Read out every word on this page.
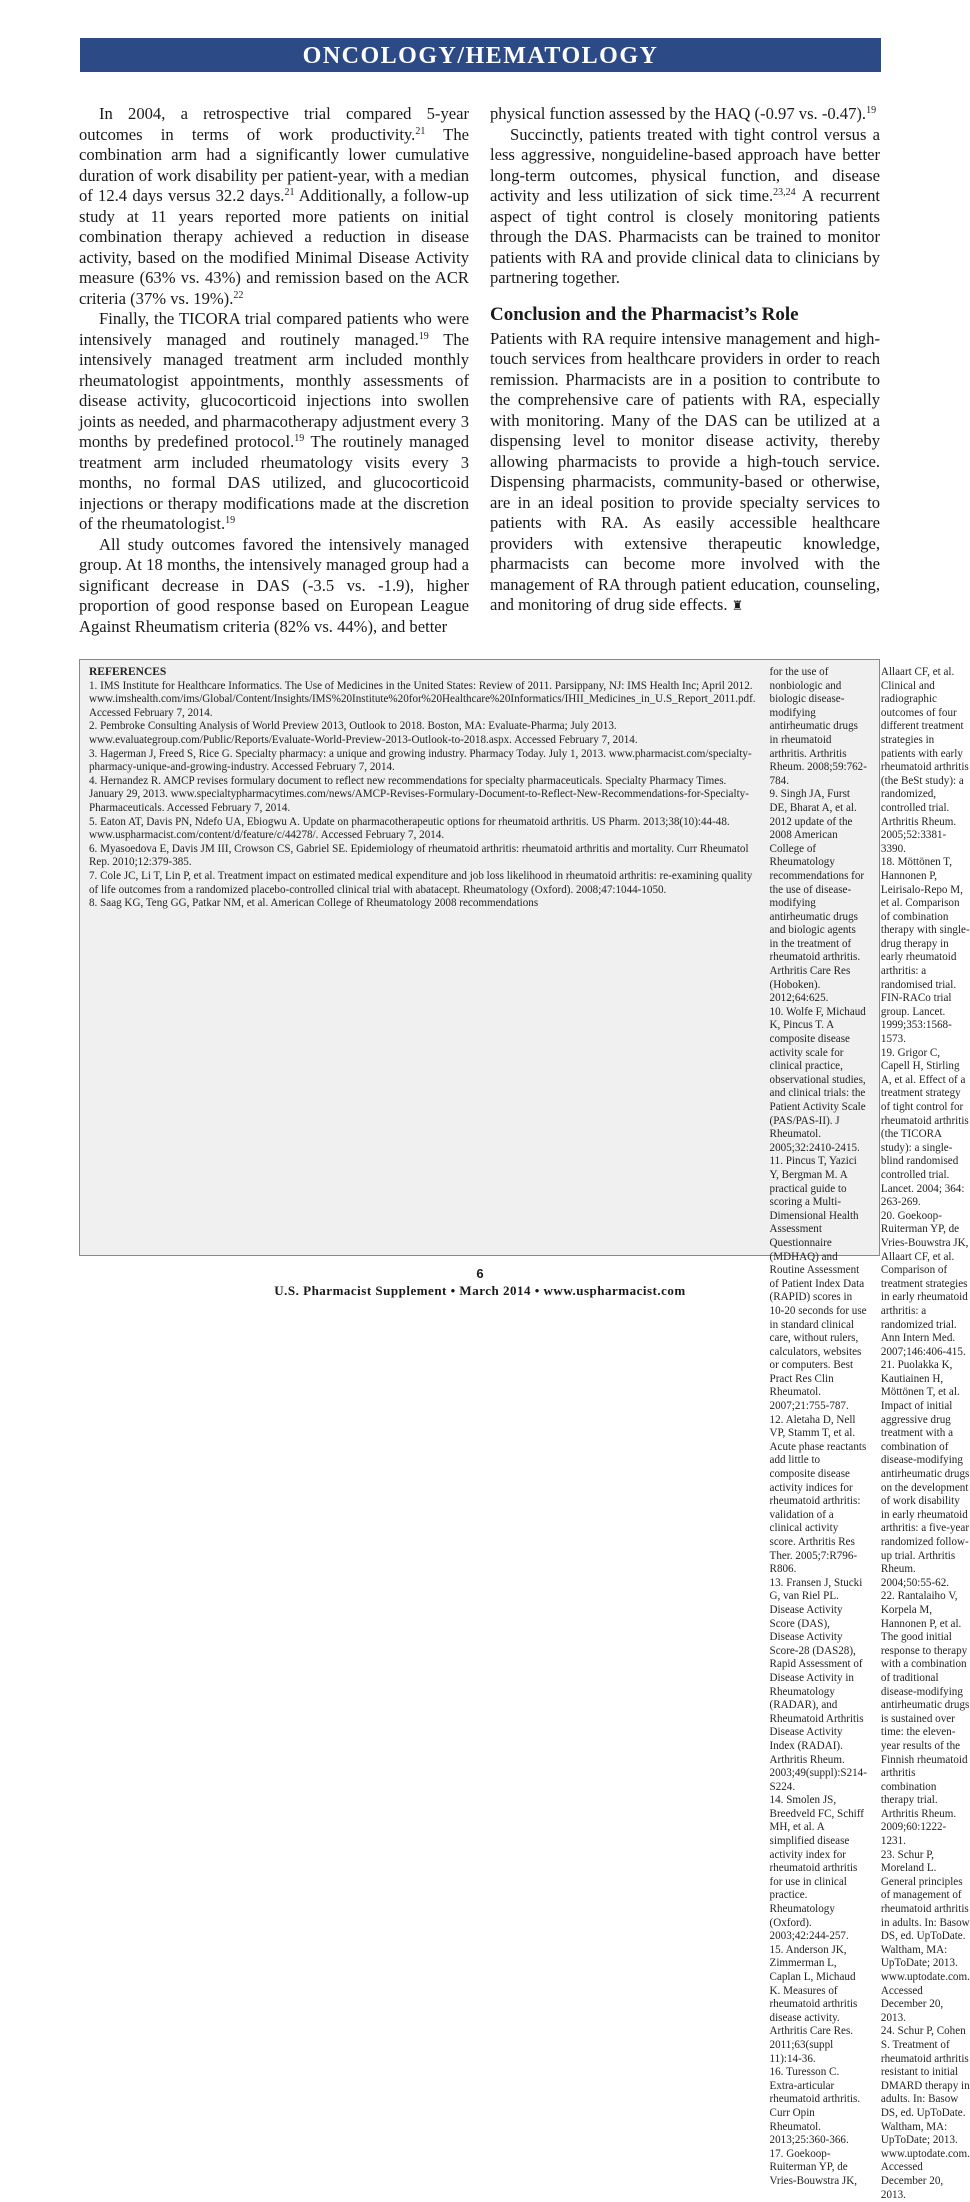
ONCOLOGY/HEMATOLOGY

In 2004, a retrospective trial compared 5-year outcomes in terms of work productivity.$^{21}$ The combination arm had a significantly lower cumulative duration of work disability per patient-year, with a median of 12.4 days versus 32.2 days.$^{21}$ Additionally, a follow-up study at 11 years reported more patients on initial combination therapy achieved a reduction in disease activity, based on the modified Minimal Disease Activity measure (63% vs. 43%) and remission based on the ACR criteria (37% vs. 19%).$^{22}$

Finally, the TICORA trial compared patients who were intensively managed and routinely managed.$^{19}$ The intensively managed treatment arm included monthly rheumatologist appointments, monthly assessments of disease activity, glucocorticoid injections into swollen joints as needed, and pharmacotherapy adjustment every 3 months by predefined protocol.$^{19}$ The routinely managed treatment arm included rheumatology visits every 3 months, no formal DAS utilized, and glucocorticoid injections or therapy modifications made at the discretion of the rheumatologist.$^{19}$

All study outcomes favored the intensively managed group. At 18 months, the intensively managed group had a significant decrease in DAS (-3.5 vs. -1.9), higher proportion of good response based on European League Against Rheumatism criteria (82% vs. 44%), and better

physical function assessed by the HAQ (-0.97 vs. -0.47).$^{19}$

Succinctly, patients treated with tight control versus a less aggressive, nonguideline-based approach have better long-term outcomes, physical function, and disease activity and less utilization of sick time.$^{23,24}$ A recurrent aspect of tight control is closely monitoring patients through the DAS. Pharmacists can be trained to monitor patients with RA and provide clinical data to clinicians by partnering together.

Conclusion and the Pharmacist’s Role

Patients with RA require intensive management and high-touch services from healthcare providers in order to reach remission. Pharmacists are in a position to contribute to the comprehensive care of patients with RA, especially with monitoring. Many of the DAS can be utilized at a dispensing level to monitor disease activity, thereby allowing pharmacists to provide a high-touch service. Dispensing pharmacists, community-based or otherwise, are in an ideal position to provide specialty services to patients with RA. As easily accessible healthcare providers with extensive therapeutic knowledge, pharmacists can become more involved with the management of RA through patient education, counseling, and monitoring of drug side effects. ♜

REFERENCES

1. IMS Institute for Healthcare Informatics. The Use of Medicines in the United States: Review of 2011. Parsippany, NJ: IMS Health Inc; April 2012. www.imshealth.com/ims/Global/Content/Insights/IMS%20Institute%20for%20Healthcare%20Informatics/IHII_Medicines_in_U.S_Report_2011.pdf. Accessed February 7, 2014.

2. Pembroke Consulting Analysis of World Preview 2013, Outlook to 2018. Boston, MA: Evaluate-Pharma; July 2013. www.evaluategroup.com/Public/Reports/Evaluate-World-Preview-2013-Outlook-to-2018.aspx. Accessed February 7, 2014.

3. Hagerman J, Freed S, Rice G. Specialty pharmacy: a unique and growing industry. Pharmacy Today. July 1, 2013. www.pharmacist.com/specialty-pharmacy-unique-and-growing-industry. Accessed February 7, 2014.

4. Hernandez R. AMCP revises formulary document to reflect new recommendations for specialty pharmaceuticals. Specialty Pharmacy Times. January 29, 2013. www.specialtypharmacytimes.com/news/AMCP-Revises-Formulary-Document-to-Reflect-New-Recommendations-for-Specialty-Pharmaceuticals. Accessed February 7, 2014.

5. Eaton AT, Davis PN, Ndefo UA, Ebiogwu A. Update on pharmacotherapeutic options for rheumatoid arthritis. US Pharm. 2013;38(10):44-48. www.uspharmacist.com/content/d/feature/c/44278/. Accessed February 7, 2014.

6. Myasoedova E, Davis JM III, Crowson CS, Gabriel SE. Epidemiology of rheumatoid arthritis: rheumatoid arthritis and mortality. Curr Rheumatol Rep. 2010;12:379-385.

7. Cole JC, Li T, Lin P, et al. Treatment impact on estimated medical expenditure and job loss likelihood in rheumatoid arthritis: re-examining quality of life outcomes from a randomized placebo-controlled clinical trial with abatacept. Rheumatology (Oxford). 2008;47:1044-1050.

8. Saag KG, Teng GG, Patkar NM, et al. American College of Rheumatology 2008 recommendations

for the use of nonbiologic and biologic disease-modifying antirheumatic drugs in rheumatoid arthritis. Arthritis Rheum. 2008;59:762-784.

9. Singh JA, Furst DE, Bharat A, et al. 2012 update of the 2008 American College of Rheumatology recommendations for the use of disease-modifying antirheumatic drugs and biologic agents in the treatment of rheumatoid arthritis. Arthritis Care Res (Hoboken). 2012;64:625.

10. Wolfe F, Michaud K, Pincus T. A composite disease activity scale for clinical practice, observational studies, and clinical trials: the Patient Activity Scale (PAS/PAS-II). J Rheumatol. 2005;32:2410-2415.

11. Pincus T, Yazici Y, Bergman M. A practical guide to scoring a Multi-Dimensional Health Assessment Questionnaire (MDHAQ) and Routine Assessment of Patient Index Data (RAPID) scores in 10-20 seconds for use in standard clinical care, without rulers, calculators, websites or computers. Best Pract Res Clin Rheumatol. 2007;21:755-787.

12. Aletaha D, Nell VP, Stamm T, et al. Acute phase reactants add little to composite disease activity indices for rheumatoid arthritis: validation of a clinical activity score. Arthritis Res Ther. 2005;7:R796-R806.

13. Fransen J, Stucki G, van Riel PL. Disease Activity Score (DAS), Disease Activity Score-28 (DAS28), Rapid Assessment of Disease Activity in Rheumatology (RADAR), and Rheumatoid Arthritis Disease Activity Index (RADAI). Arthritis Rheum. 2003;49(suppl):S214-S224.

14. Smolen JS, Breedveld FC, Schiff MH, et al. A simplified disease activity index for rheumatoid arthritis for use in clinical practice. Rheumatology (Oxford). 2003;42:244-257.

15. Anderson JK, Zimmerman L, Caplan L, Michaud K. Measures of rheumatoid arthritis disease activity. Arthritis Care Res. 2011;63(suppl 11):14-36.

16. Turesson C. Extra-articular rheumatoid arthritis. Curr Opin Rheumatol. 2013;25:360-366.

17. Goekoop-Ruiterman YP, de Vries-Bouwstra JK,

Allaart CF, et al. Clinical and radiographic outcomes of four different treatment strategies in patients with early rheumatoid arthritis (the BeSt study): a randomized, controlled trial. Arthritis Rheum. 2005;52:3381-3390.

18. Möttönen T, Hannonen P, Leirisalo-Repo M, et al. Comparison of combination therapy with single-drug therapy in early rheumatoid arthritis: a randomised trial. FIN-RACo trial group. Lancet. 1999;353:1568-1573.

19. Grigor C, Capell H, Stirling A, et al. Effect of a treatment strategy of tight control for rheumatoid arthritis (the TICORA study): a single-blind randomised controlled trial. Lancet. 2004; 364: 263-269.

20. Goekoop-Ruiterman YP, de Vries-Bouwstra JK, Allaart CF, et al. Comparison of treatment strategies in early rheumatoid arthritis: a randomized trial. Ann Intern Med. 2007;146:406-415.

21. Puolakka K, Kautiainen H, Möttönen T, et al. Impact of initial aggressive drug treatment with a combination of disease-modifying antirheumatic drugs on the development of work disability in early rheumatoid arthritis: a five-year randomized follow-up trial. Arthritis Rheum. 2004;50:55-62.

22. Rantalaiho V, Korpela M, Hannonen P, et al. The good initial response to therapy with a combination of traditional disease-modifying antirheumatic drugs is sustained over time: the eleven-year results of the Finnish rheumatoid arthritis combination therapy trial. Arthritis Rheum. 2009;60:1222-1231.

23. Schur P, Moreland L. General principles of management of rheumatoid arthritis in adults. In: Basow DS, ed. UpToDate. Waltham, MA: UpToDate; 2013. www.uptodate.com. Accessed December 20, 2013.

24. Schur P, Cohen S. Treatment of rheumatoid arthritis resistant to initial DMARD therapy in adults. In: Basow DS, ed. UpToDate. Waltham, MA: UpToDate; 2013. www.uptodate.com. Accessed December 20, 2013.

6
U.S. Pharmacist Supplement • March 2014 • www.uspharmacist.com
